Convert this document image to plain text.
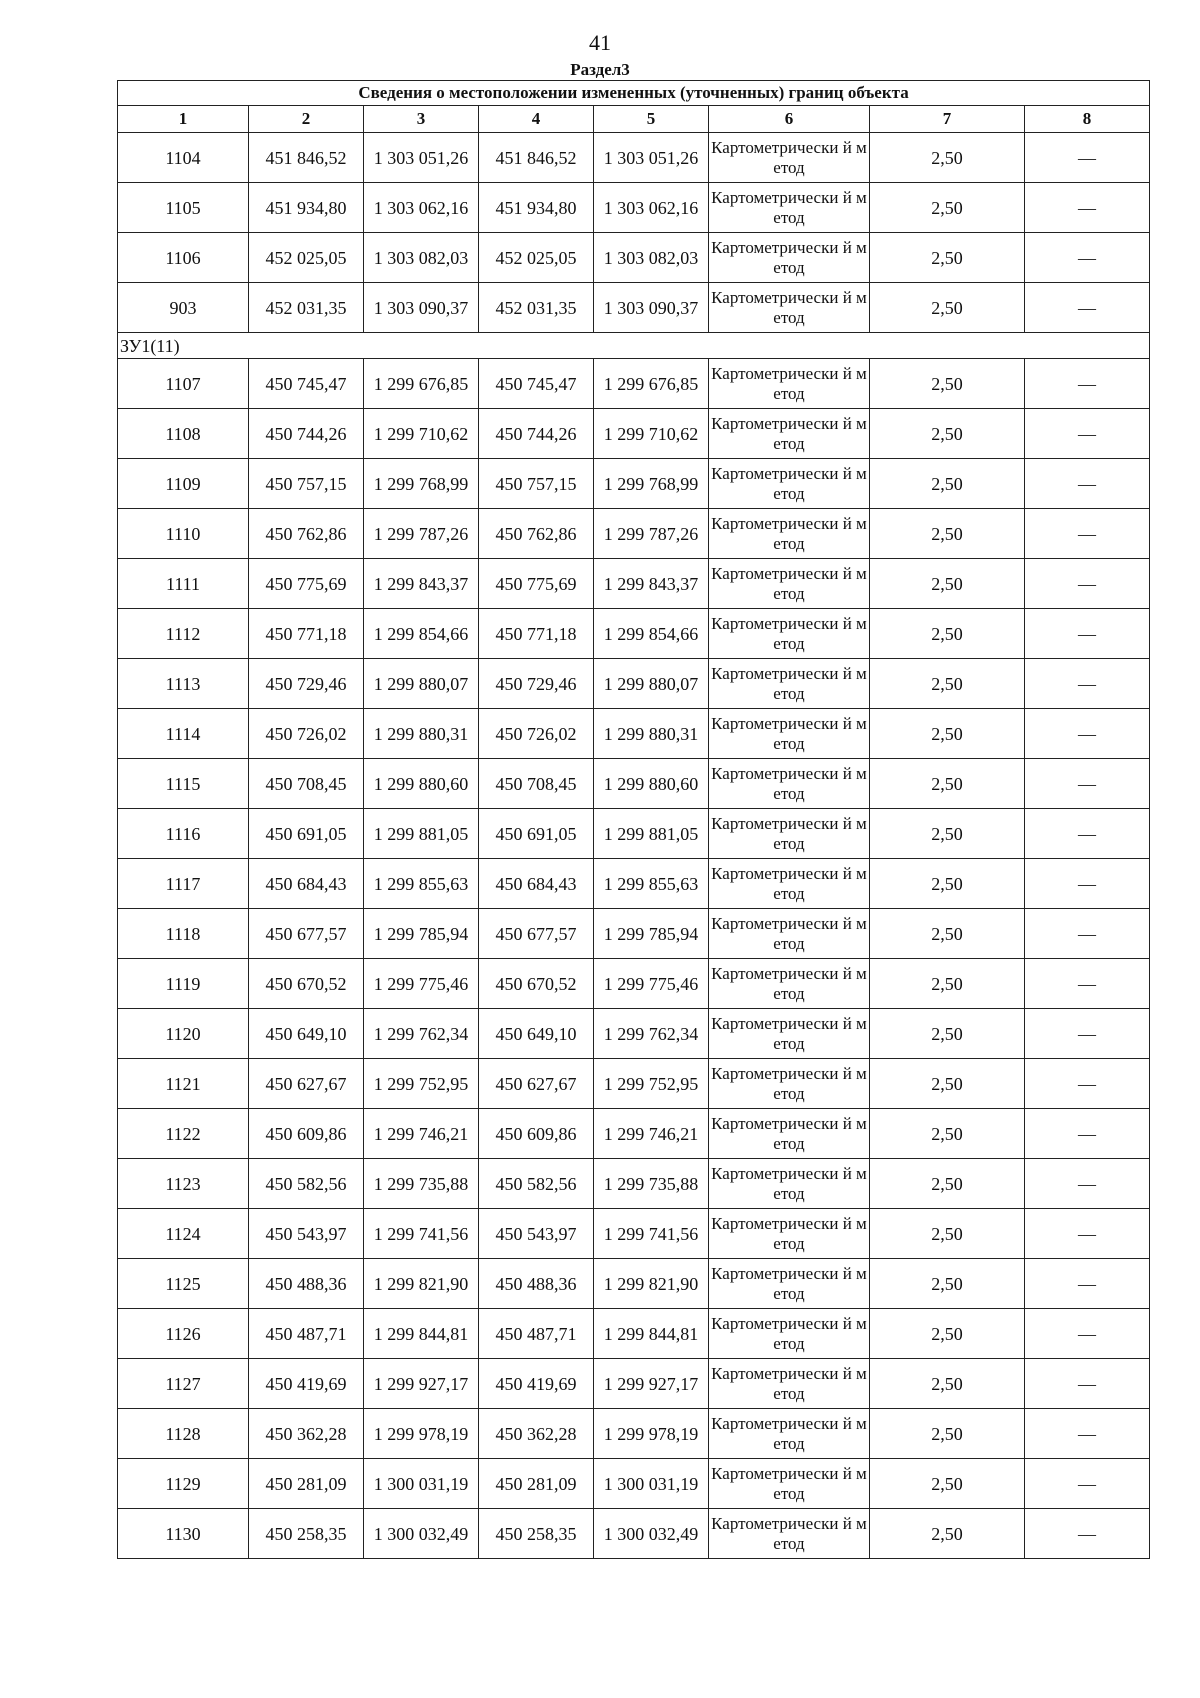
41
Раздел3
Сведения о местоположении измененных (уточненных) границ объекта							
1	2	3	4	5	6	7	8
1104	451 846,52	1 303 051,26	451 846,52	1 303 051,26	Картометрически й метод	2,50	—
1105	451 934,80	1 303 062,16	451 934,80	1 303 062,16	Картометрически й метод	2,50	—
1106	452 025,05	1 303 082,03	452 025,05	1 303 082,03	Картометрически й метод	2,50	—
903	452 031,35	1 303 090,37	452 031,35	1 303 090,37	Картометрически й метод	2,50	—
ЗУ1(11)							
1107	450 745,47	1 299 676,85	450 745,47	1 299 676,85	Картометрически й метод	2,50	—
1108	450 744,26	1 299 710,62	450 744,26	1 299 710,62	Картометрически й метод	2,50	—
1109	450 757,15	1 299 768,99	450 757,15	1 299 768,99	Картометрически й метод	2,50	—
1110	450 762,86	1 299 787,26	450 762,86	1 299 787,26	Картометрически й метод	2,50	—
1111	450 775,69	1 299 843,37	450 775,69	1 299 843,37	Картометрически й метод	2,50	—
1112	450 771,18	1 299 854,66	450 771,18	1 299 854,66	Картометрически й метод	2,50	—
1113	450 729,46	1 299 880,07	450 729,46	1 299 880,07	Картометрически й метод	2,50	—
1114	450 726,02	1 299 880,31	450 726,02	1 299 880,31	Картометрически й метод	2,50	—
1115	450 708,45	1 299 880,60	450 708,45	1 299 880,60	Картометрически й метод	2,50	—
1116	450 691,05	1 299 881,05	450 691,05	1 299 881,05	Картометрически й метод	2,50	—
1117	450 684,43	1 299 855,63	450 684,43	1 299 855,63	Картометрически й метод	2,50	—
1118	450 677,57	1 299 785,94	450 677,57	1 299 785,94	Картометрически й метод	2,50	—
1119	450 670,52	1 299 775,46	450 670,52	1 299 775,46	Картометрически й метод	2,50	—
1120	450 649,10	1 299 762,34	450 649,10	1 299 762,34	Картометрически й метод	2,50	—
1121	450 627,67	1 299 752,95	450 627,67	1 299 752,95	Картометрически й метод	2,50	—
1122	450 609,86	1 299 746,21	450 609,86	1 299 746,21	Картометрически й метод	2,50	—
1123	450 582,56	1 299 735,88	450 582,56	1 299 735,88	Картометрически й метод	2,50	—
1124	450 543,97	1 299 741,56	450 543,97	1 299 741,56	Картометрически й метод	2,50	—
1125	450 488,36	1 299 821,90	450 488,36	1 299 821,90	Картометрически й метод	2,50	—
1126	450 487,71	1 299 844,81	450 487,71	1 299 844,81	Картометрически й метод	2,50	—
1127	450 419,69	1 299 927,17	450 419,69	1 299 927,17	Картометрически й метод	2,50	—
1128	450 362,28	1 299 978,19	450 362,28	1 299 978,19	Картометрически й метод	2,50	—
1129	450 281,09	1 300 031,19	450 281,09	1 300 031,19	Картометрически й метод	2,50	—
1130	450 258,35	1 300 032,49	450 258,35	1 300 032,49	Картометрически й метод	2,50	—
